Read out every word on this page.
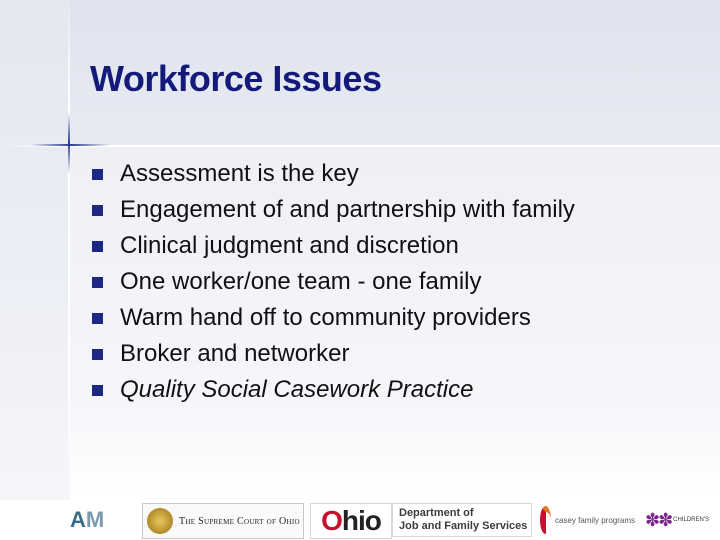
Workforce Issues
Assessment is the key
Engagement of and partnership with family
Clinical judgment and discretion
One worker/one team - one family
Warm hand off to community providers
Broker and networker
Quality Social Casework Practice
A M	The Supreme Court of Ohio Ohio Department of
Job and Family Services	casey family programs ✽✽ CHILDREN'S
